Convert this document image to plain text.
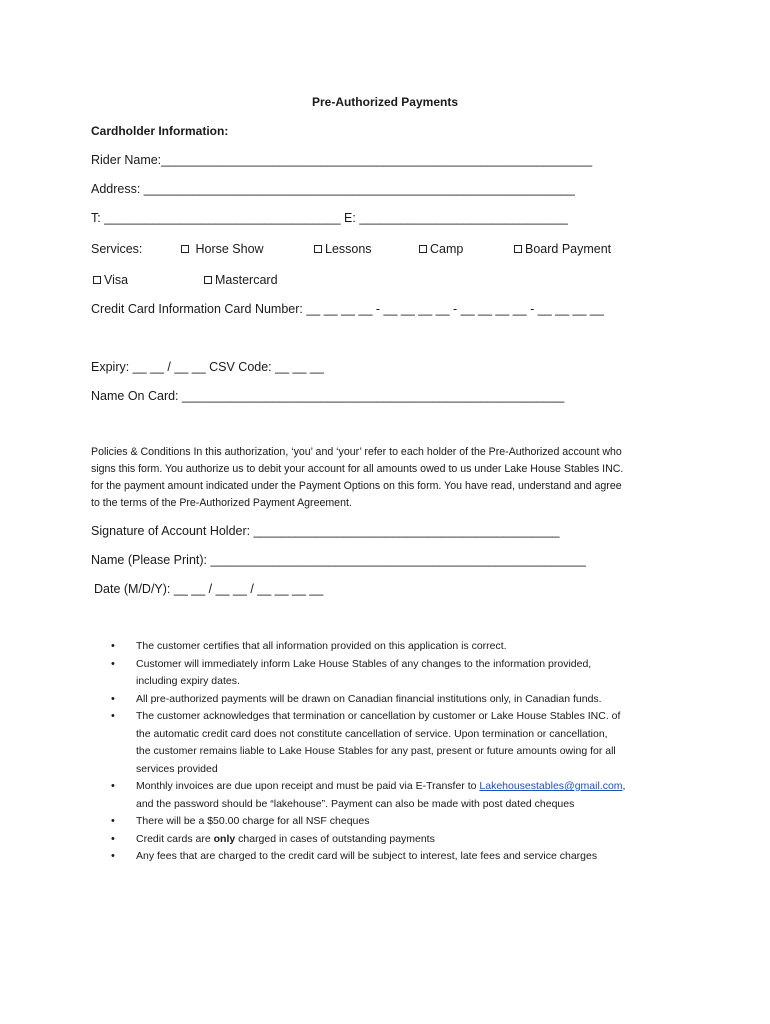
Pre-Authorized Payments
Cardholder Information:
Rider Name:______________________________________________________________
Address: ______________________________________________________________
T: __________________________________ E: ______________________________
Services:	Horse Show	Lessons	Camp	Board Payment
Visa	Mastercard
Credit Card Information Card Number: __ __ __ __ - __ __ __ __ - __ __ __ __ - __ __ __ __
Expiry: __ __ / __ __ CSV Code: __ __ __
Name On Card: _______________________________________________________
Policies & Conditions In this authorization, ‘you’ and ‘your’ refer to each holder of the Pre-Authorized account who
signs this form. You authorize us to debit your account for all amounts owed to us under Lake House Stables INC.
for the payment amount indicated under the Payment Options on this form. You have read, understand and agree
to the terms of the Pre-Authorized Payment Agreement.
Signature of Account Holder: ____________________________________________
Name (Please Print): ______________________________________________________
Date (M/D/Y): __ __ / __ __ / __ __ __ __
• The customer certifies that all information provided on this application is correct.
• Customer will immediately inform Lake House Stables of any changes to the information provided,
including expiry dates.
• All pre-authorized payments will be drawn on Canadian financial institutions only, in Canadian funds.
• The customer acknowledges that termination or cancellation by customer or Lake House Stables INC. of
the automatic credit card does not constitute cancellation of service. Upon termination or cancellation,
the customer remains liable to Lake House Stables for any past, present or future amounts owing for all
services provided
• Monthly invoices are due upon receipt and must be paid via E-Transfer to Lakehousestables@gmail.com,
and the password should be “lakehouse”. Payment can also be made with post dated cheques
• There will be a $50.00 charge for all NSF cheques
• Credit cards are only charged in cases of outstanding payments
• Any fees that are charged to the credit card will be subject to interest, late fees and service charges
